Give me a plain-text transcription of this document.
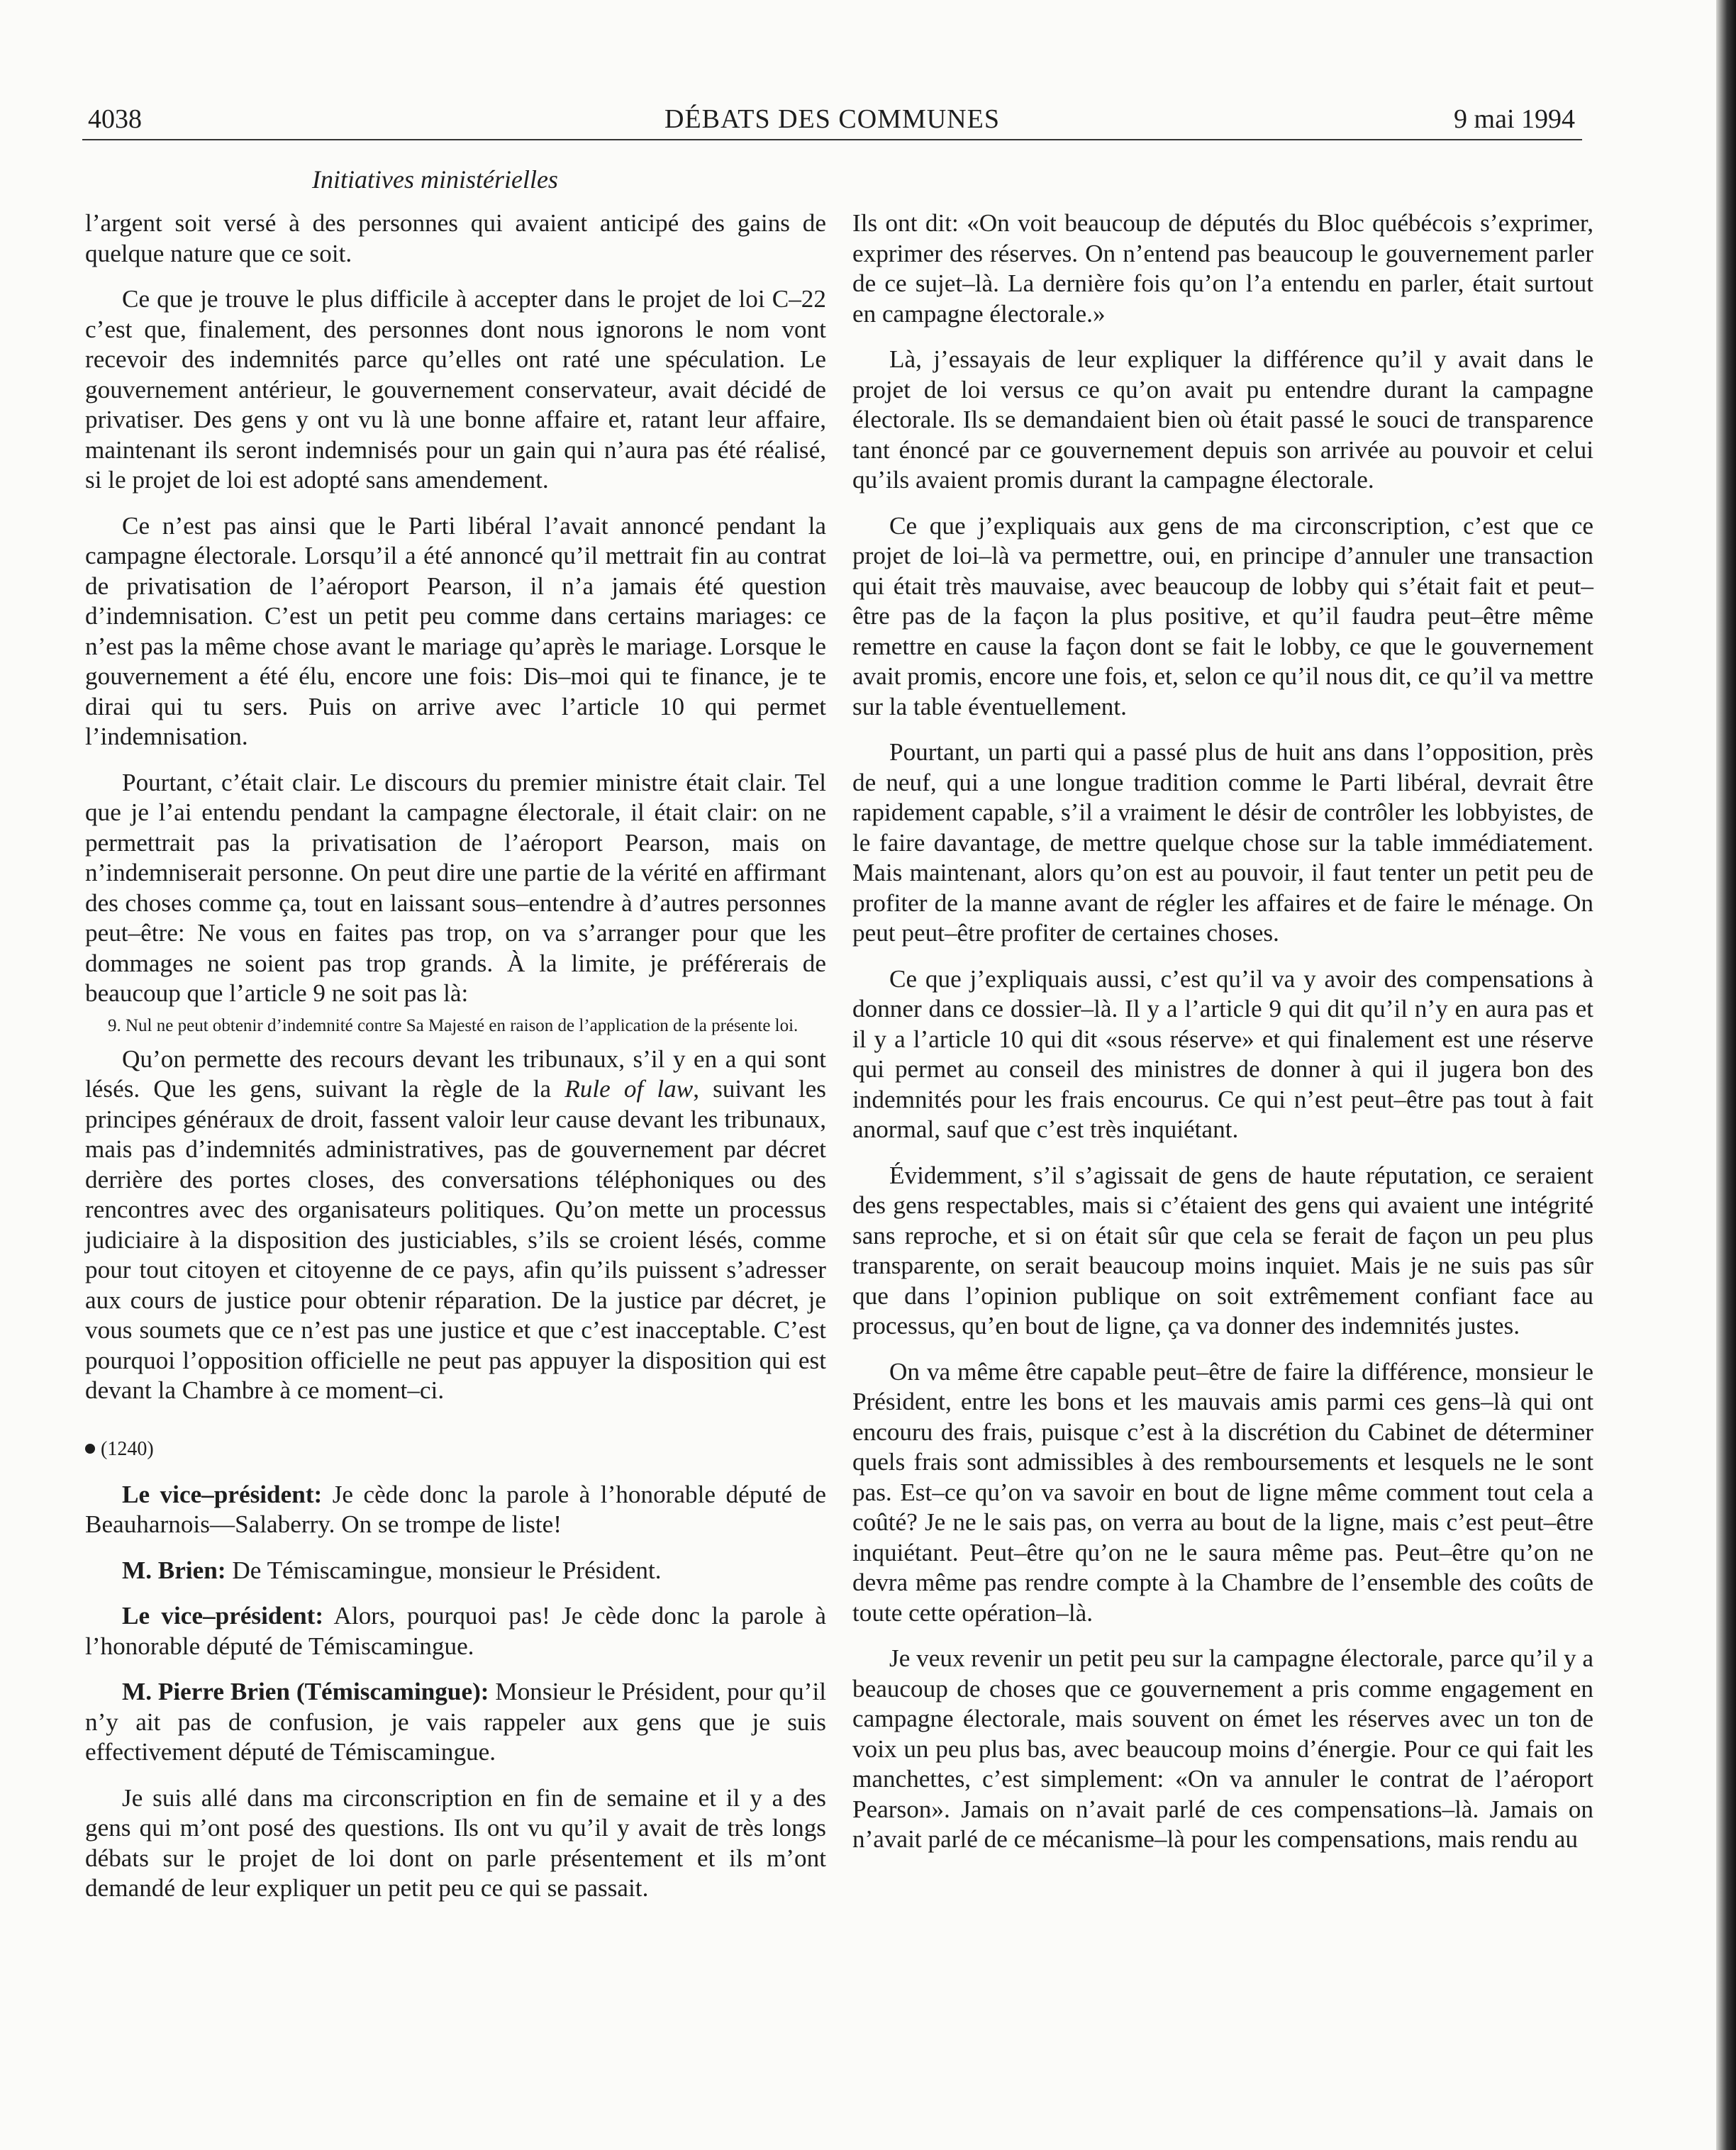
4038	DÉBATS DES COMMUNES	9 mai 1994
Initiatives ministérielles

l’argent soit versé à des personnes qui avaient anticipé des gains de quelque nature que ce soit.

Ce que je trouve le plus difficile à accepter dans le projet de loi C–22 c’est que, finalement, des personnes dont nous ignorons le nom vont recevoir des indemnités parce qu’elles ont raté une spéculation. Le gouvernement antérieur, le gouvernement conservateur, avait décidé de privatiser. Des gens y ont vu là une bonne affaire et, ratant leur affaire, maintenant ils seront indemnisés pour un gain qui n’aura pas été réalisé, si le projet de loi est adopté sans amendement.

Ce n’est pas ainsi que le Parti libéral l’avait annoncé pendant la campagne électorale. Lorsqu’il a été annoncé qu’il mettrait fin au contrat de privatisation de l’aéroport Pearson, il n’a jamais été question d’indemnisation. C’est un petit peu comme dans certains mariages: ce n’est pas la même chose avant le mariage qu’après le mariage. Lorsque le gouvernement a été élu, encore une fois: Dis–moi qui te finance, je te dirai qui tu sers. Puis on arrive avec l’article 10 qui permet l’indemnisation.

Pourtant, c’était clair. Le discours du premier ministre était clair. Tel que je l’ai entendu pendant la campagne électorale, il était clair: on ne permettrait pas la privatisation de l’aéroport Pearson, mais on n’indemniserait personne. On peut dire une partie de la vérité en affirmant des choses comme ça, tout en laissant sous–entendre à d’autres personnes peut–être: Ne vous en faites pas trop, on va s’arranger pour que les dommages ne soient pas trop grands. À la limite, je préférerais de beaucoup que l’article 9 ne soit pas là:

9. Nul ne peut obtenir d’indemnité contre Sa Majesté en raison de l’application de la présente loi.

Qu’on permette des recours devant les tribunaux, s’il y en a qui sont lésés. Que les gens, suivant la règle de la Rule of law, suivant les principes généraux de droit, fassent valoir leur cause devant les tribunaux, mais pas d’indemnités administratives, pas de gouvernement par décret derrière des portes closes, des conversations téléphoniques ou des rencontres avec des organisateurs politiques. Qu’on mette un processus judiciaire à la disposition des justiciables, s’ils se croient lésés, comme pour tout citoyen et citoyenne de ce pays, afin qu’ils puissent s’adresser aux cours de justice pour obtenir réparation. De la justice par décret, je vous soumets que ce n’est pas une justice et que c’est inacceptable. C’est pourquoi l’opposition officielle ne peut pas appuyer la disposition qui est devant la Chambre à ce moment–ci.

(1240)

Le vice–président: Je cède donc la parole à l’honorable député de Beauharnois—Salaberry. On se trompe de liste!

M. Brien: De Témiscamingue, monsieur le Président.

Le vice–président: Alors, pourquoi pas! Je cède donc la parole à l’honorable député de Témiscamingue.

M. Pierre Brien (Témiscamingue): Monsieur le Président, pour qu’il n’y ait pas de confusion, je vais rappeler aux gens que je suis effectivement député de Témiscamingue.

Je suis allé dans ma circonscription en fin de semaine et il y a des gens qui m’ont posé des questions. Ils ont vu qu’il y avait de très longs débats sur le projet de loi dont on parle présentement et ils m’ont demandé de leur expliquer un petit peu ce qui se passait.

Ils ont dit: «On voit beaucoup de députés du Bloc québécois s’exprimer, exprimer des réserves. On n’entend pas beaucoup le gouvernement parler de ce sujet–là. La dernière fois qu’on l’a entendu en parler, était surtout en campagne électorale.»

Là, j’essayais de leur expliquer la différence qu’il y avait dans le projet de loi versus ce qu’on avait pu entendre durant la campagne électorale. Ils se demandaient bien où était passé le souci de transparence tant énoncé par ce gouvernement depuis son arrivée au pouvoir et celui qu’ils avaient promis durant la campagne électorale.

Ce que j’expliquais aux gens de ma circonscription, c’est que ce projet de loi–là va permettre, oui, en principe d’annuler une transaction qui était très mauvaise, avec beaucoup de lobby qui s’était fait et peut–être pas de la façon la plus positive, et qu’il faudra peut–être même remettre en cause la façon dont se fait le lobby, ce que le gouvernement avait promis, encore une fois, et, selon ce qu’il nous dit, ce qu’il va mettre sur la table éventuellement.

Pourtant, un parti qui a passé plus de huit ans dans l’opposition, près de neuf, qui a une longue tradition comme le Parti libéral, devrait être rapidement capable, s’il a vraiment le désir de contrôler les lobbyistes, de le faire davantage, de mettre quelque chose sur la table immédiatement. Mais maintenant, alors qu’on est au pouvoir, il faut tenter un petit peu de profiter de la manne avant de régler les affaires et de faire le ménage. On peut peut–être profiter de certaines choses.

Ce que j’expliquais aussi, c’est qu’il va y avoir des compensations à donner dans ce dossier–là. Il y a l’article 9 qui dit qu’il n’y en aura pas et il y a l’article 10 qui dit «sous réserve» et qui finalement est une réserve qui permet au conseil des ministres de donner à qui il jugera bon des indemnités pour les frais encourus. Ce qui n’est peut–être pas tout à fait anormal, sauf que c’est très inquiétant.

Évidemment, s’il s’agissait de gens de haute réputation, ce seraient des gens respectables, mais si c’étaient des gens qui avaient une intégrité sans reproche, et si on était sûr que cela se ferait de façon un peu plus transparente, on serait beaucoup moins inquiet. Mais je ne suis pas sûr que dans l’opinion publique on soit extrêmement confiant face au processus, qu’en bout de ligne, ça va donner des indemnités justes.

On va même être capable peut–être de faire la différence, monsieur le Président, entre les bons et les mauvais amis parmi ces gens–là qui ont encouru des frais, puisque c’est à la discrétion du Cabinet de déterminer quels frais sont admissibles à des remboursements et lesquels ne le sont pas. Est–ce qu’on va savoir en bout de ligne même comment tout cela a coûté? Je ne le sais pas, on verra au bout de la ligne, mais c’est peut–être inquiétant. Peut–être qu’on ne le saura même pas. Peut–être qu’on ne devra même pas rendre compte à la Chambre de l’ensemble des coûts de toute cette opération–là.

Je veux revenir un petit peu sur la campagne électorale, parce qu’il y a beaucoup de choses que ce gouvernement a pris comme engagement en campagne électorale, mais souvent on émet les réserves avec un ton de voix un peu plus bas, avec beaucoup moins d’énergie. Pour ce qui fait les manchettes, c’est simplement: «On va annuler le contrat de l’aéroport Pearson». Jamais on n’avait parlé de ces compensations–là. Jamais on n’avait parlé de ce mécanisme–là pour les compensations, mais rendu au
